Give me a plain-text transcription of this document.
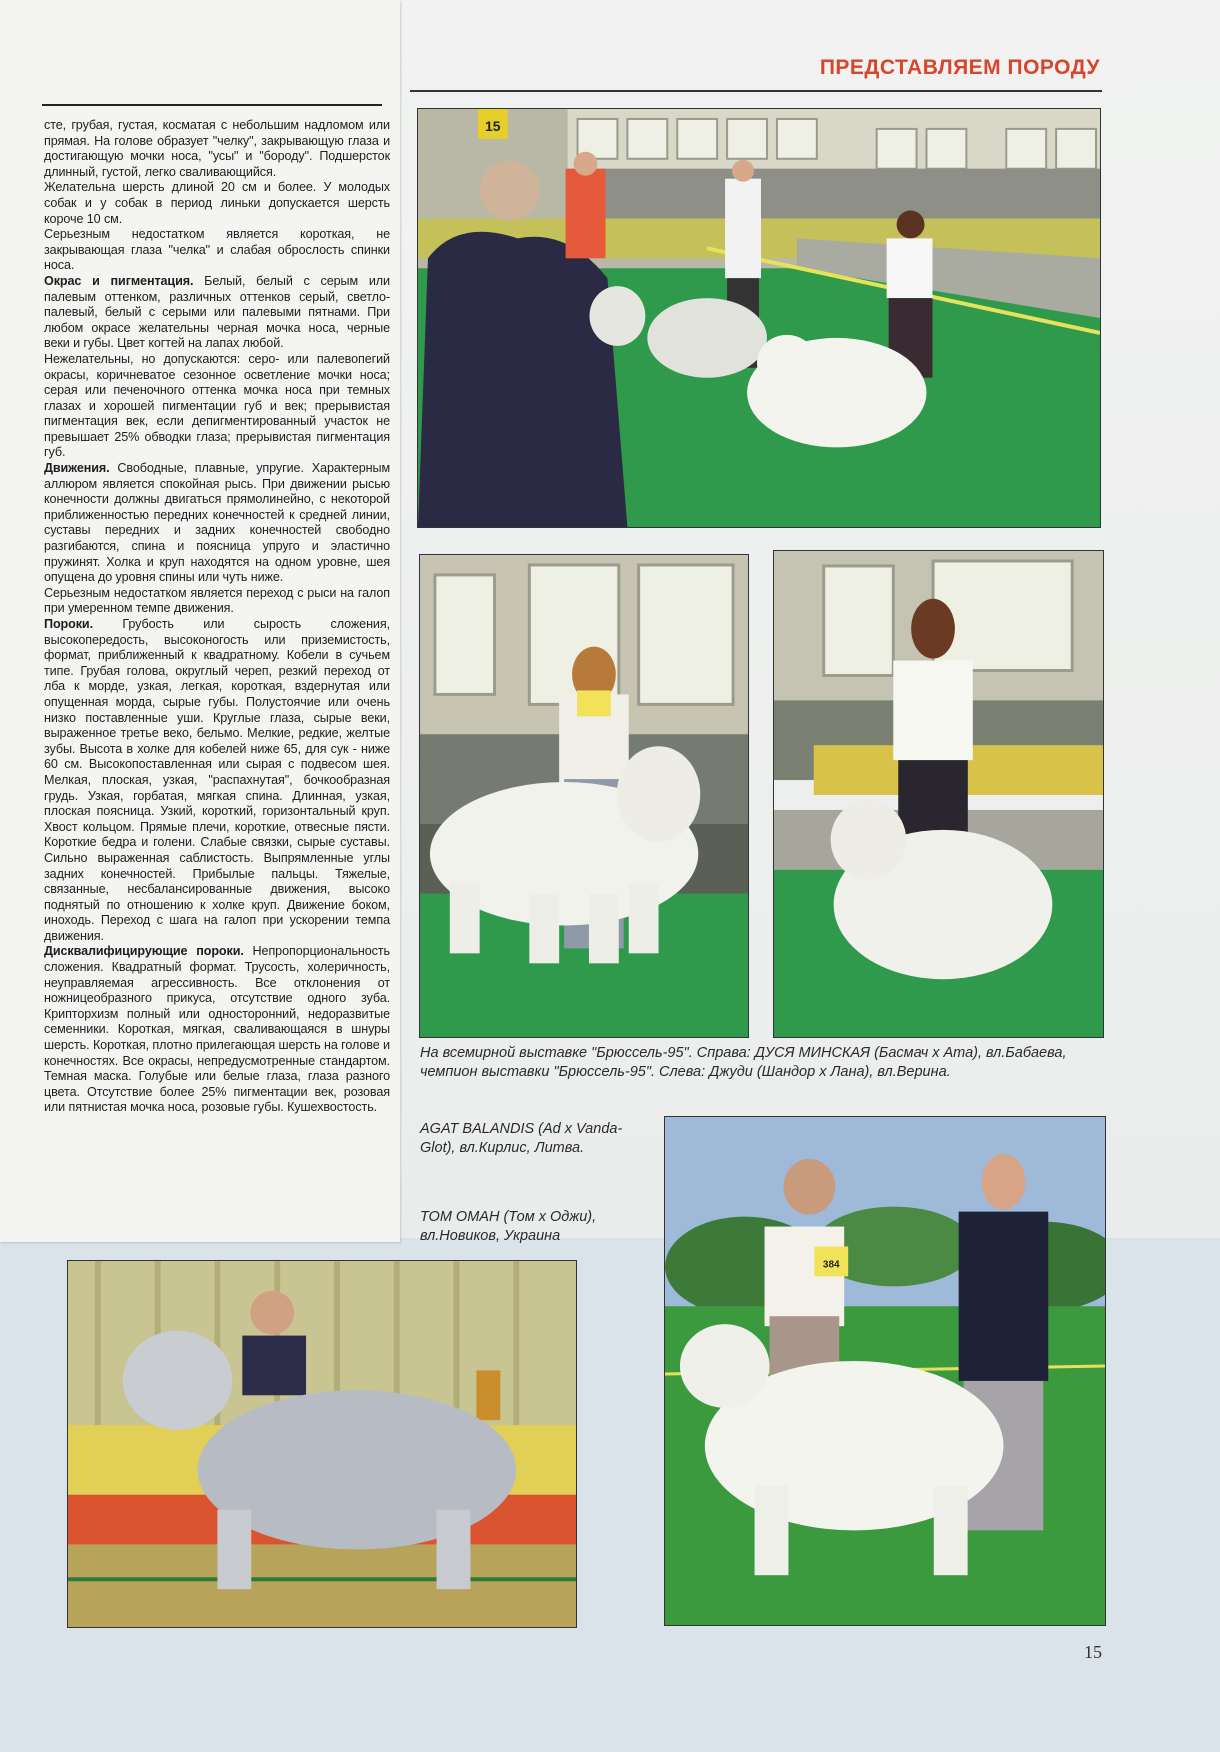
ПРЕДСТАВЛЯЕМ ПОРОДУ

сте, грубая, густая, косматая с небольшим надломом или прямая. На голове образует "челку", закрывающую глаза и достигающую мочки носа, "усы" и "бороду". Подшерсток длинный, густой, легко сваливающийся.

Желательна шерсть длиной 20 см и более. У молодых собак и у собак в период линьки допускается шерсть короче 10 см.

Серьезным недостатком является короткая, не закрывающая глаза "челка" и слабая оброслость спинки носа.

Окрас и пигментация. Белый, белый с серым или палевым оттенком, различных оттенков серый, светло-палевый, белый с серыми или палевыми пятнами. При любом окрасе желательны черная мочка носа, черные веки и губы. Цвет когтей на лапах любой.

Нежелательны, но допускаются: серо- или палевопегий окрасы, коричневатое сезонное осветление мочки носа; серая или печеночного оттенка мочка носа при темных глазах и хорошей пигментации губ и век; прерывистая пигментация век, если депигментированный участок не превышает 25% обводки глаза; прерывистая пигментация губ.

Движения. Свободные, плавные, упругие. Характерным аллюром является спокойная рысь. При движении рысью конечности должны двигаться прямолинейно, с некоторой приближенностью передних конечностей к средней линии, суставы передних и задних конечностей свободно разгибаются, спина и поясница упруго и эластично пружинят. Холка и круп находятся на одном уровне, шея опущена до уровня спины или чуть ниже.

Серьезным недостатком является переход с рыси на галоп при умеренном темпе движения.

Пороки. Грубость или сырость сложения, высокопередость, высоконогость или приземистость, формат, приближенный к квадратному. Кобели в сучьем типе. Грубая голова, округлый череп, резкий переход от лба к морде, узкая, легкая, короткая, вздернутая или опущенная морда, сырые губы. Полустоячие или очень низко поставленные уши. Круглые глаза, сырые веки, выраженное третье веко, бельмо. Мелкие, редкие, желтые зубы. Высота в холке для кобелей ниже 65, для сук - ниже 60 см. Высокопоставленная или сырая с подвесом шея. Мелкая, плоская, узкая, "распахнутая", бочкообразная грудь. Узкая, горбатая, мягкая спина. Длинная, узкая, плоская поясница. Узкий, короткий, горизонтальный круп. Хвост кольцом. Прямые плечи, короткие, отвесные пясти. Короткие бедра и голени. Слабые связки, сырые суставы. Сильно выраженная саблистость. Выпрямленные углы задних конечностей. Прибылые пальцы. Тяжелые, связанные, несбалансированные движения, высоко поднятый по отношению к холке круп. Движение боком, иноходь. Переход с шага на галоп при ускорении темпа движения.

Дисквалифицирующие пороки. Непропорциональность сложения. Квадратный формат. Трусость, холеричность, неуправляемая агрессивность. Все отклонения от ножницеобразного прикуса, отсутствие одного зуба. Крипторхизм полный или односторонний, недоразвитые семенники. Короткая, мягкая, сваливающаяся в шнуры шерсть. Короткая, плотно прилегающая шерсть на голове и конечностях. Все окрасы, непредусмотренные стандартом. Темная маска. Голубые или белые глаза, глаза разного цвета. Отсутствие более 25% пигментации век, розовая или пятнистая мочка носа, розовые губы. Кушехвостость.

15
На всемирной выставке "Брюссель-95". Справа: ДУСЯ МИНСКАЯ (Басмач х Ата), вл.Бабаева, чемпион выставки "Брюссель-95". Слева: Джуди (Шандор х Лана), вл.Верина.
AGAT BALANDIS (Ad x Vanda-Glot), вл.Кирлис, Литва.
ТОМ ОМАН (Том х Оджи), вл.Новиков, Украина
384
15
